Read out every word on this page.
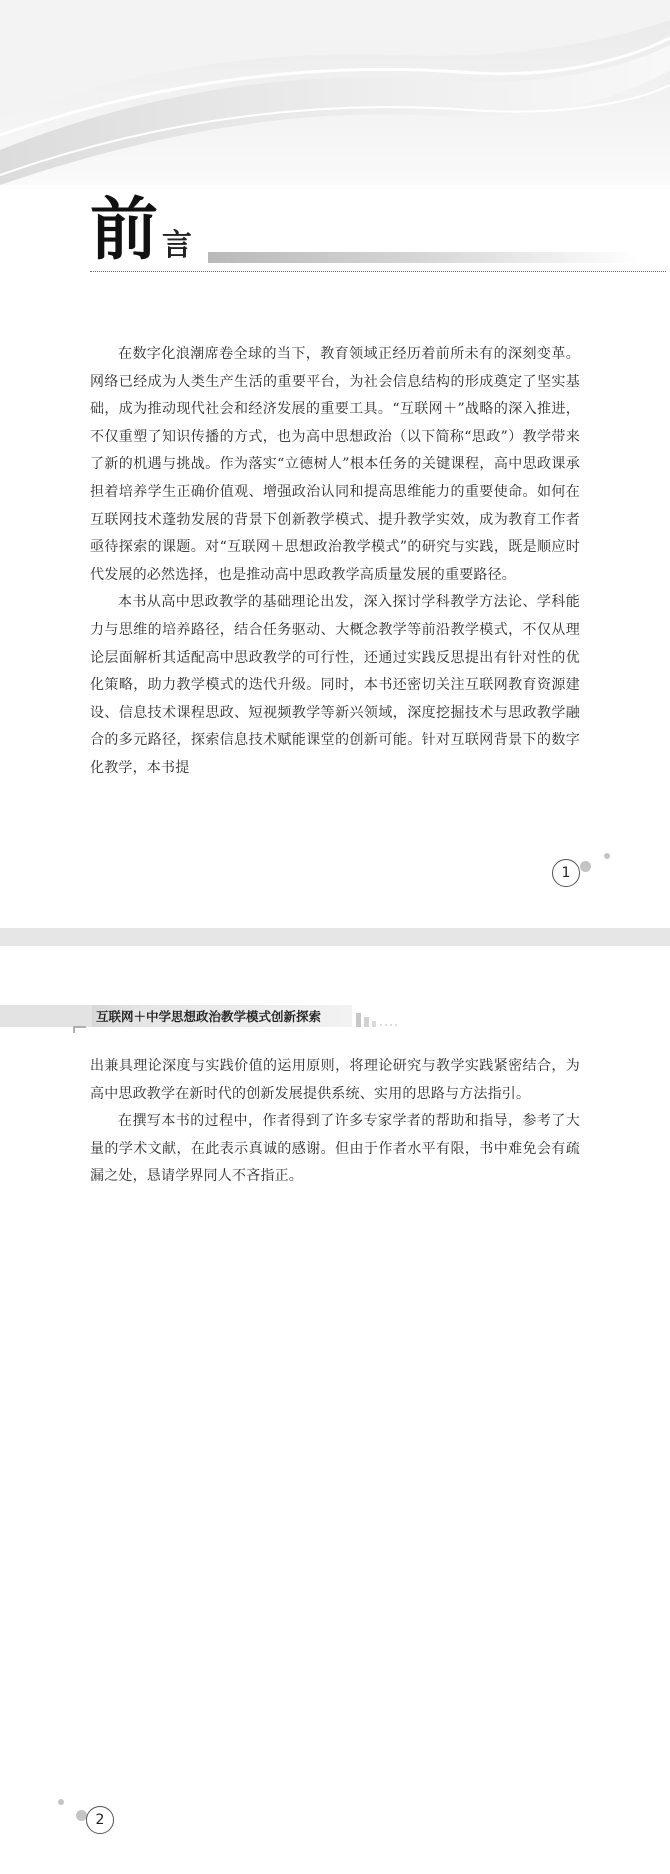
前 言

在数字化浪潮席卷全球的当下，教育领域正经历着前所未有的深刻变革。网络已经成为人类生产生活的重要平台，为社会信息结构的形成奠定了坚实基础，成为推动现代社会和经济发展的重要工具。“互联网＋”战略的深入推进，不仅重塑了知识传播的方式，也为高中思想政治（以下简称“思政”）教学带来了新的机遇与挑战。作为落实“立德树人”根本任务的关键课程，高中思政课承担着培养学生正确价值观、增强政治认同和提高思维能力的重要使命。如何在互联网技术蓬勃发展的背景下创新教学模式、提升教学实效，成为教育工作者亟待探索的课题。对“互联网＋思想政治教学模式”的研究与实践，既是顺应时代发展的必然选择，也是推动高中思政教学高质量发展的重要路径。

本书从高中思政教学的基础理论出发，深入探讨学科教学方法论、学科能力与思维的培养路径，结合任务驱动、大概念教学等前沿教学模式，不仅从理论层面解析其适配高中思政教学的可行性，还通过实践反思提出有针对性的优化策略，助力教学模式的迭代升级。同时，本书还密切关注互联网教育资源建设、信息技术课程思政、短视频教学等新兴领域，深度挖掘技术与思政教学融合的多元路径，探索信息技术赋能课堂的创新可能。针对互联网背景下的数字化教学，本书提

1
互联网＋中学思想政治教学模式创新探索

出兼具理论深度与实践价值的运用原则，将理论研究与教学实践紧密结合，为高中思政教学在新时代的创新发展提供系统、实用的思路与方法指引。

在撰写本书的过程中，作者得到了许多专家学者的帮助和指导，参考了大量的学术文献，在此表示真诚的感谢。但由于作者水平有限，书中难免会有疏漏之处，恳请学界同人不吝指正。

2
